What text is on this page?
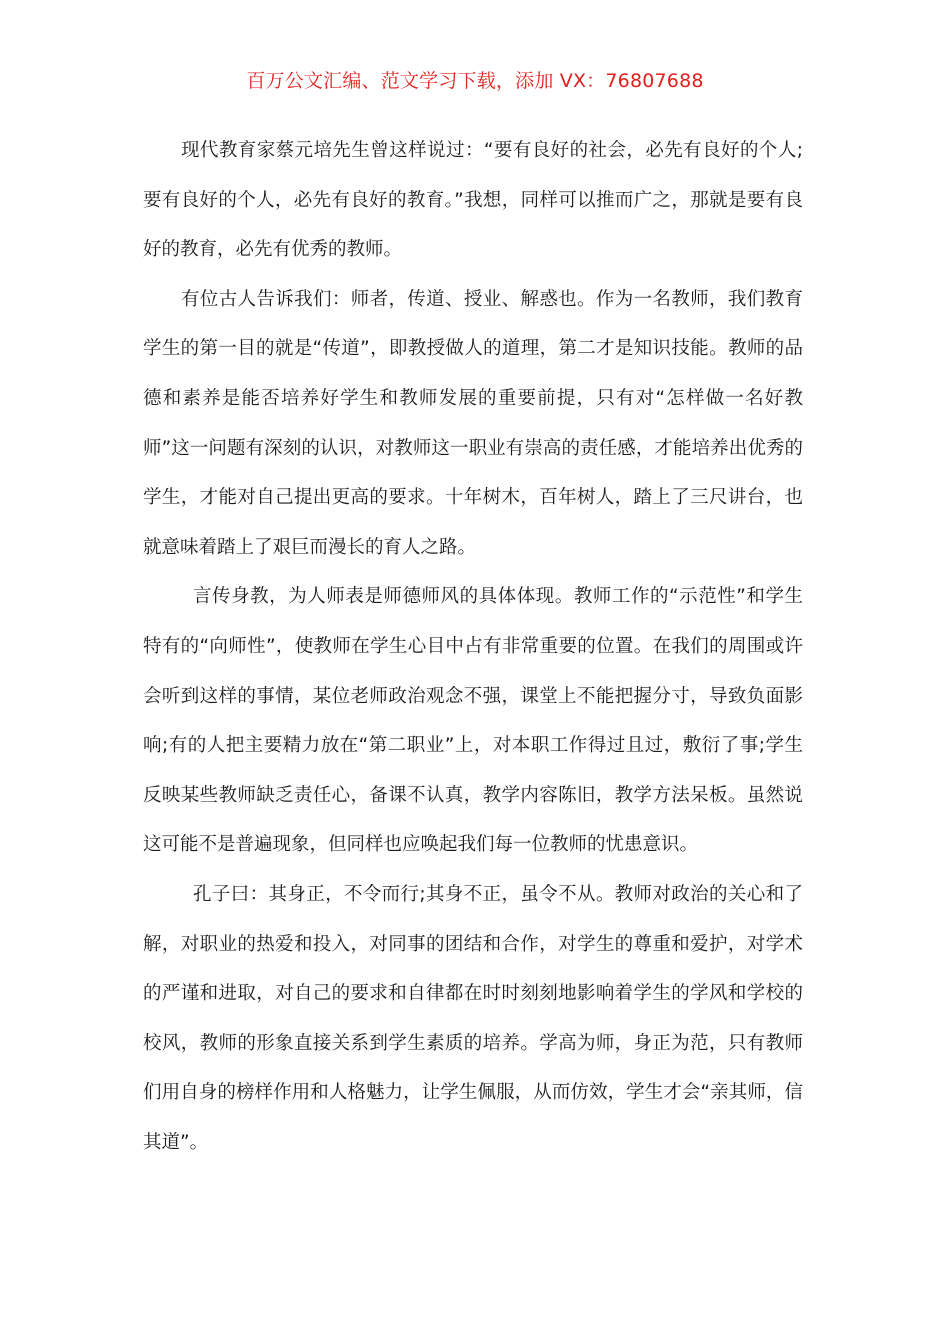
百万公文汇编、范文学习下载，添加 VX：76807688

现代教育家蔡元培先生曾这样说过：“要有良好的社会，必先有良好的个人;要有良好的个人，必先有良好的教育。”我想，同样可以推而广之，那就是要有良好的教育，必先有优秀的教师。

有位古人告诉我们：师者，传道、授业、解惑也。作为一名教师，我们教育学生的第一目的就是“传道”，即教授做人的道理，第二才是知识技能。教师的品德和素养是能否培养好学生和教师发展的重要前提，只有对“怎样做一名好教师”这一问题有深刻的认识，对教师这一职业有崇高的责任感，才能培养出优秀的学生，才能对自己提出更高的要求。十年树木，百年树人，踏上了三尺讲台，也就意味着踏上了艰巨而漫长的育人之路。

言传身教，为人师表是师德师风的具体体现。教师工作的“示范性”和学生特有的“向师性”，使教师在学生心目中占有非常重要的位置。在我们的周围或许会听到这样的事情，某位老师政治观念不强，课堂上不能把握分寸，导致负面影响;有的人把主要精力放在“第二职业”上，对本职工作得过且过，敷衍了事;学生反映某些教师缺乏责任心，备课不认真，教学内容陈旧，教学方法呆板。虽然说这可能不是普遍现象，但同样也应唤起我们每一位教师的忧患意识。

孔子曰：其身正，不令而行;其身不正，虽令不从。教师对政治的关心和了解，对职业的热爱和投入，对同事的团结和合作，对学生的尊重和爱护，对学术的严谨和进取，对自己的要求和自律都在时时刻刻地影响着学生的学风和学校的校风，教师的形象直接关系到学生素质的培养。学高为师，身正为范，只有教师们用自身的榜样作用和人格魅力，让学生佩服，从而仿效，学生才会“亲其师，信其道”。
